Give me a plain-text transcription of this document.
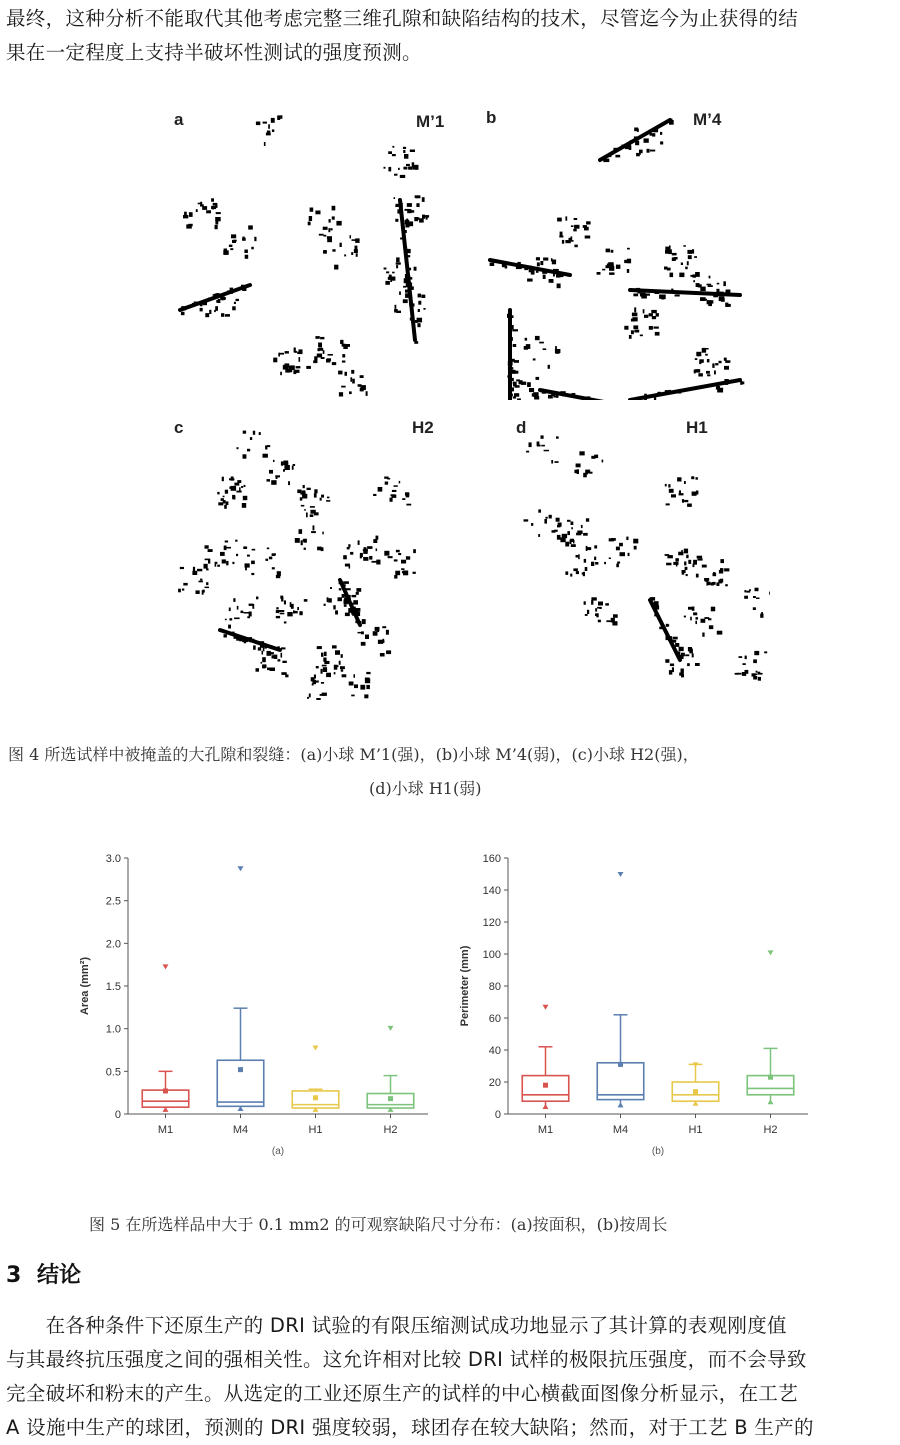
最终，这种分析不能取代其他考虑完整三维孔隙和缺陷结构的技术，尽管迄今为止获得的结
果在一定程度上支持半破坏性测试的强度预测。
a	M’1 b	M’4
c	H2	d	H1
图 4 所选试样中被掩盖的大孔隙和裂缝：(a)小球 M’1(强)，(b)小球 M’4(弱)，(c)小球 H2(强)，
(d)小球 H1(弱)
0
0.5
1.0
1.5
2.0
2.5
3.0
Area (mm²)
M1	M4	H1	H2
(a)
0
20
40
60
80
100
120
140
160
Perimeter (mm)
M1	M4	H1	H2
(b)
图 5 在所选样品中大于 0.1 mm2 的可观察缺陷尺寸分布：(a)按面积，(b)按周长
3 结论
　　在各种条件下还原生产的 DRI 试验的有限压缩测试成功地显示了其计算的表观刚度值
与其最终抗压强度之间的强相关性。这允许相对比较 DRI 试样的极限抗压强度，而不会导致
完全破坏和粉末的产生。从选定的工业还原生产的试样的中心横截面图像分析显示，在工艺
A 设施中生产的球团，预测的 DRI 强度较弱，球团存在较大缺陷；然而，对于工艺 B 生产的
